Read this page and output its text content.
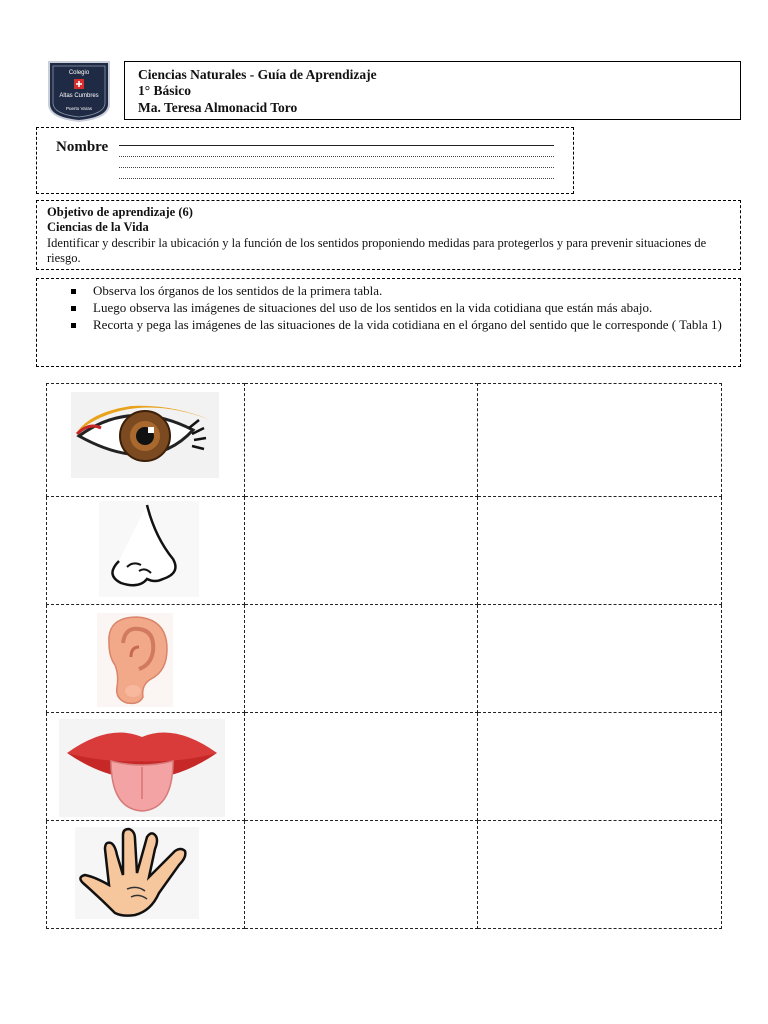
Colegio
Altas Cumbres
Puerto Varas
Ciencias Naturales - Guía de Aprendizaje
1° Básico
Ma. Teresa Almonacid Toro
Nombre
Objetivo de aprendizaje (6)
Ciencias de la Vida
Identificar y describir la ubicación y la función de los sentidos proponiendo medidas para protegerlos y para prevenir situaciones de riesgo.
Observa los órganos de los sentidos de la primera tabla.
Luego observa las imágenes de situaciones del uso de los sentidos en la vida cotidiana que están más abajo.
Recorta y pega las imágenes de las situaciones de la vida cotidiana en el órgano del sentido que le corresponde ( Tabla 1)
